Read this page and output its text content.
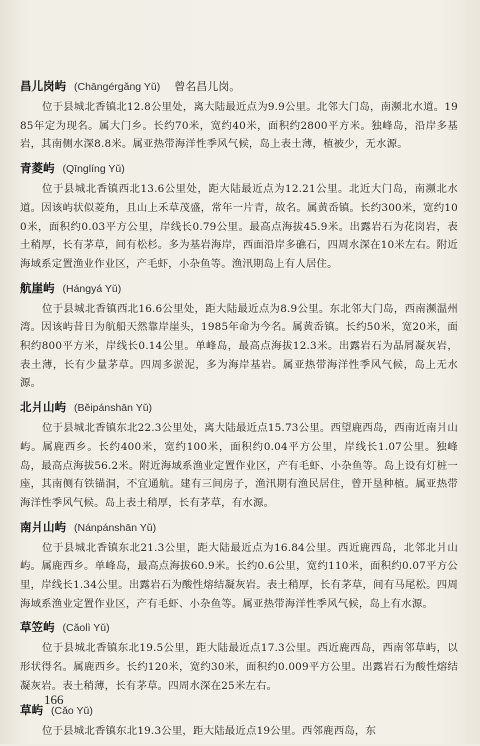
昌儿岗屿 (Chāngérgǎng Yǔ) 曾名昌儿岗。
位于县城北香镇北12.8公里处，离大陆最近点为9.9公里。北邻大门岛，南濒北水道。1985年定为现名。属大门乡。长约70米，宽约40米，面积约2800平方米。独峰岛，沿岸多基岩，其南侧水深8.8米。属亚热带海洋性季风气候，岛上表土薄，植被少，无水源。
青菱屿 (Qīnglíng Yǔ)
位于县城北香镇西北13.6公里处，距大陆最近点为12.21公里。北近大门岛，南濒北水道。因该屿状似菱角，且山上禾草茂盛，常年一片青，故名。属黄岙镇。长约300米，宽约100米，面积约0.03平方公里，岸线长0.79公里。最高点海拔45.9米。出露岩石为花岗岩，表土稍厚，长有茅草，间有松杉。多为基岩海岸，西面沿岸多礁石，四周水深在10米左右。附近海域系定置渔业作业区，产毛虾，小杂鱼等。渔汛期岛上有人居住。
航崖屿 (Hángyá Yǔ)
位于县城北香镇西北16.6公里处，距大陆最近点为8.9公里。东北邻大门岛，西南濒温州湾。因该屿昔日为航船天然靠岸崖头，1985年命为今名。属黄岙镇。长约50米，宽20米，面积约800平方米，岸线长0.14公里。单峰岛，最高点海拔12.3米。出露岩石为晶屑凝灰岩，表土薄，长有少量茅草。四周多淤泥，多为海岸基岩。属亚热带海洋性季风气候，岛上无水源。
北爿山屿 (Běipánshān Yǔ)
位于县城北香镇东北22.3公里处，离大陆最近点15.73公里。西望鹿西岛，西南近南爿山屿。属鹿西乡。长约400米，宽约100米，面积约0.04平方公里，岸线长1.07公里。独峰岛，最高点海拔56.2米。附近海域系渔业定置作业区，产有毛虾、小杂鱼等。岛上设有灯桩一座，其南侧有铁锚洞，不宜通航。建有三间房子，渔汛期有渔民居住，曾开垦种植。属亚热带海洋性季风气候。岛上表土稍厚，长有茅草，有水源。
南爿山屿 (Nánpánshān Yǔ)
位于县城北香镇东北21.3公里，距大陆最近点为16.84公里。西近鹿西岛，北邻北爿山屿。属鹿西乡。单峰岛，最高点海拔60.9米。长约0.6公里，宽约110米，面积约0.07平方公里，岸线长1.34公里。出露岩石为酸性熔结凝灰岩。表土稍厚，长有茅草，间有马尾松。四周海域系渔业定置作业区，产有毛虾、小杂鱼等。属亚热带海洋性季风气候，岛上有水源。
草笠屿 (Cǎolì Yǔ)
位于县城北香镇东北19.5公里，距大陆最近点17.3公里。西近鹿西岛，西南邻草屿，以形状得名。属鹿西乡。长约120米，宽约30米，面积约0.009平方公里。出露岩石为酸性熔结凝灰岩。表土稍薄，长有茅草。四周水深在25米左右。
草屿 (Cǎo Yǔ)
位于县城北香镇东北19.3公里，距大陆最近点19公里。西邻鹿西岛，东
166
